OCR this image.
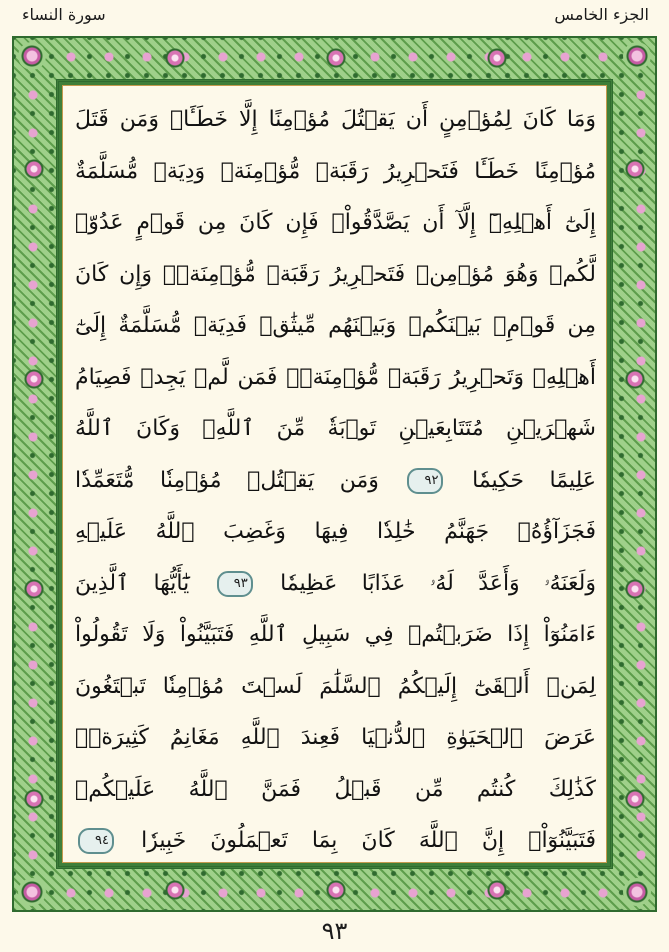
الجزء الخامس
سورة النساء
وَمَا كَانَ لِمُؤۡمِنٍ أَن يَقۡتُلَ مُؤۡمِنًا إِلَّا خَطَـَٔاۚ وَمَن قَتَلَ
مُؤۡمِنًا خَطَـَٔا فَتَحۡرِيرُ رَقَبَةٖ مُّؤۡمِنَةٖ وَدِيَةٞ مُّسَلَّمَةٌ
إِلَىٰٓ أَهۡلِهِۦٓ إِلَّآ أَن يَصَّدَّقُواْۚ فَإِن كَانَ مِن قَوۡمٍ عَدُوّٖ
لَّكُمۡ وَهُوَ مُؤۡمِنٞ فَتَحۡرِيرُ رَقَبَةٖ مُّؤۡمِنَةٖۖ وَإِن كَانَ
مِن قَوۡمِۭ بَيۡنَكُمۡ وَبَيۡنَهُم مِّيثَٰقٞ فَدِيَةٞ مُّسَلَّمَةٌ إِلَىٰٓ
أَهۡلِهِۦ وَتَحۡرِيرُ رَقَبَةٖ مُّؤۡمِنَةٖۖ فَمَن لَّمۡ يَجِدۡ فَصِيَامُ
شَهۡرَيۡنِ مُتَتَابِعَيۡنِ تَوۡبَةٗ مِّنَ ٱللَّهِۗ وَكَانَ ٱللَّهُ
عَلِيمًا حَكِيمٗا ٩٢ وَمَن يَقۡتُلۡ مُؤۡمِنٗا مُّتَعَمِّدٗا
فَجَزَآؤُهُۥ جَهَنَّمُ خَٰلِدٗا فِيهَا وَغَضِبَ ٱللَّهُ عَلَيۡهِ
وَلَعَنَهُۥ وَأَعَدَّ لَهُۥ عَذَابًا عَظِيمٗا ٩٣ يَٰٓأَيُّهَا ٱلَّذِينَ
ءَامَنُوٓاْ إِذَا ضَرَبۡتُمۡ فِي سَبِيلِ ٱللَّهِ فَتَبَيَّنُواْ وَلَا تَقُولُواْ
لِمَنۡ أَلۡقَىٰٓ إِلَيۡكُمُ ٱلسَّلَٰمَ لَسۡتَ مُؤۡمِنٗا تَبۡتَغُونَ
عَرَضَ ٱلۡحَيَوٰةِ ٱلدُّنۡيَا فَعِندَ ٱللَّهِ مَغَانِمُ كَثِيرَةٞۚ
كَذَٰلِكَ كُنتُم مِّن قَبۡلُ فَمَنَّ ٱللَّهُ عَلَيۡكُمۡ
فَتَبَيَّنُوٓاْۚ إِنَّ ٱللَّهَ كَانَ بِمَا تَعۡمَلُونَ خَبِيرٗا ٩٤
٩٣
